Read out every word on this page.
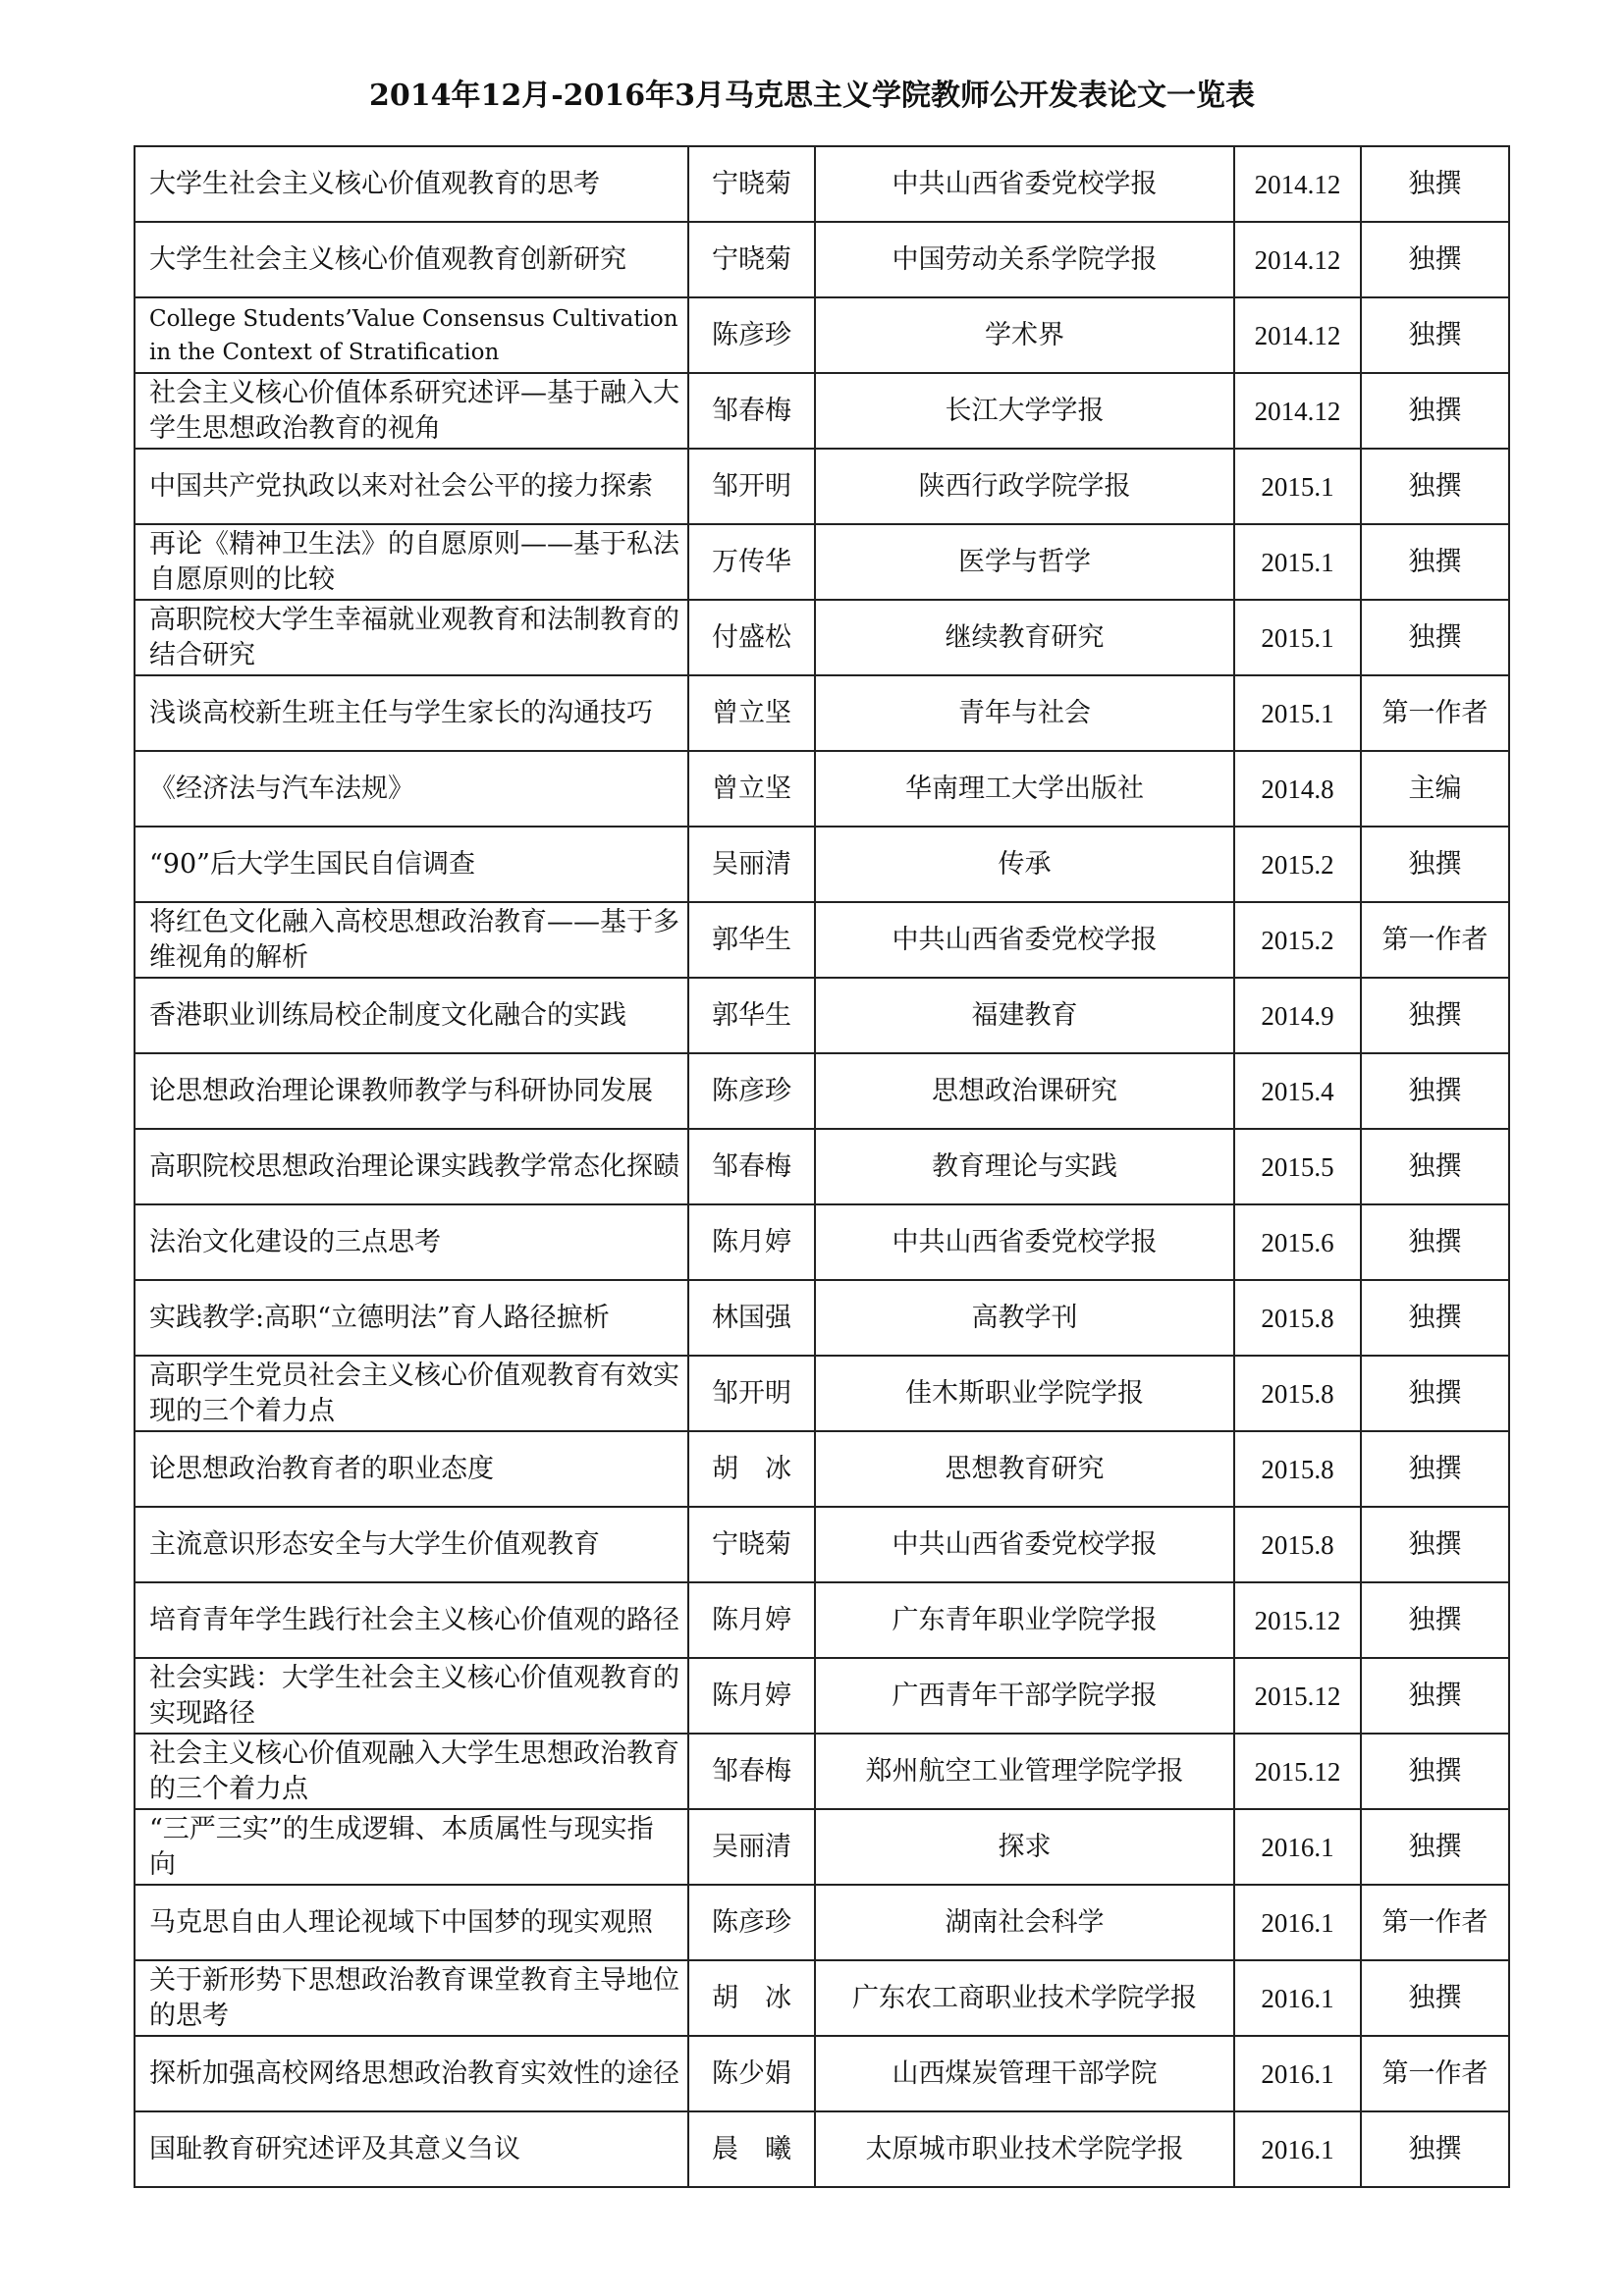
2014年12月-2016年3月马克思主义学院教师公开发表论文一览表
大学生社会主义核心价值观教育的思考	宁晓菊	中共山西省委党校学报	2014.12	独撰
大学生社会主义核心价值观教育创新研究	宁晓菊	中国劳动关系学院学报	2014.12	独撰
College Students’Value Consensus Cultivation in the Context of Stratification	陈彦珍	学术界	2014.12	独撰
社会主义核心价值体系研究述评—基于融入大学生思想政治教育的视角	邹春梅	长江大学学报	2014.12	独撰
中国共产党执政以来对社会公平的接力探索	邹开明	陕西行政学院学报	2015.1	独撰
再论《精神卫生法》的自愿原则——基于私法自愿原则的比较	万传华	医学与哲学	2015.1	独撰
高职院校大学生幸福就业观教育和法制教育的结合研究	付盛松	继续教育研究	2015.1	独撰
浅谈高校新生班主任与学生家长的沟通技巧	曾立坚	青年与社会	2015.1	第一作者
《经济法与汽车法规》	曾立坚	华南理工大学出版社	2014.8	主编
“90”后大学生国民自信调查	吴丽清	传承	2015.2	独撰
将红色文化融入高校思想政治教育——基于多维视角的解析	郭华生	中共山西省委党校学报	2015.2	第一作者
香港职业训练局校企制度文化融合的实践	郭华生	福建教育	2014.9	独撰
论思想政治理论课教师教学与科研协同发展	陈彦珍	思想政治课研究	2015.4	独撰
高职院校思想政治理论课实践教学常态化探赜	邹春梅	教育理论与实践	2015.5	独撰
法治文化建设的三点思考	陈月婷	中共山西省委党校学报	2015.6	独撰
实践教学:高职“立德明法”育人路径摭析	林国强	高教学刊	2015.8	独撰
高职学生党员社会主义核心价值观教育有效实现的三个着力点	邹开明	佳木斯职业学院学报	2015.8	独撰
论思想政治教育者的职业态度	胡　冰	思想教育研究	2015.8	独撰
主流意识形态安全与大学生价值观教育	宁晓菊	中共山西省委党校学报	2015.8	独撰
培育青年学生践行社会主义核心价值观的路径	陈月婷	广东青年职业学院学报	2015.12	独撰
社会实践：大学生社会主义核心价值观教育的实现路径	陈月婷	广西青年干部学院学报	2015.12	独撰
社会主义核心价值观融入大学生思想政治教育的三个着力点	邹春梅	郑州航空工业管理学院学报	2015.12	独撰
“三严三实”的生成逻辑、本质属性与现实指向	吴丽清	探求	2016.1	独撰
马克思自由人理论视域下中国梦的现实观照	陈彦珍	湖南社会科学	2016.1	第一作者
关于新形势下思想政治教育课堂教育主导地位的思考	胡　冰	广东农工商职业技术学院学报	2016.1	独撰
探析加强高校网络思想政治教育实效性的途径	陈少娟	山西煤炭管理干部学院	2016.1	第一作者
国耻教育研究述评及其意义刍议	晨　曦	太原城市职业技术学院学报	2016.1	独撰
